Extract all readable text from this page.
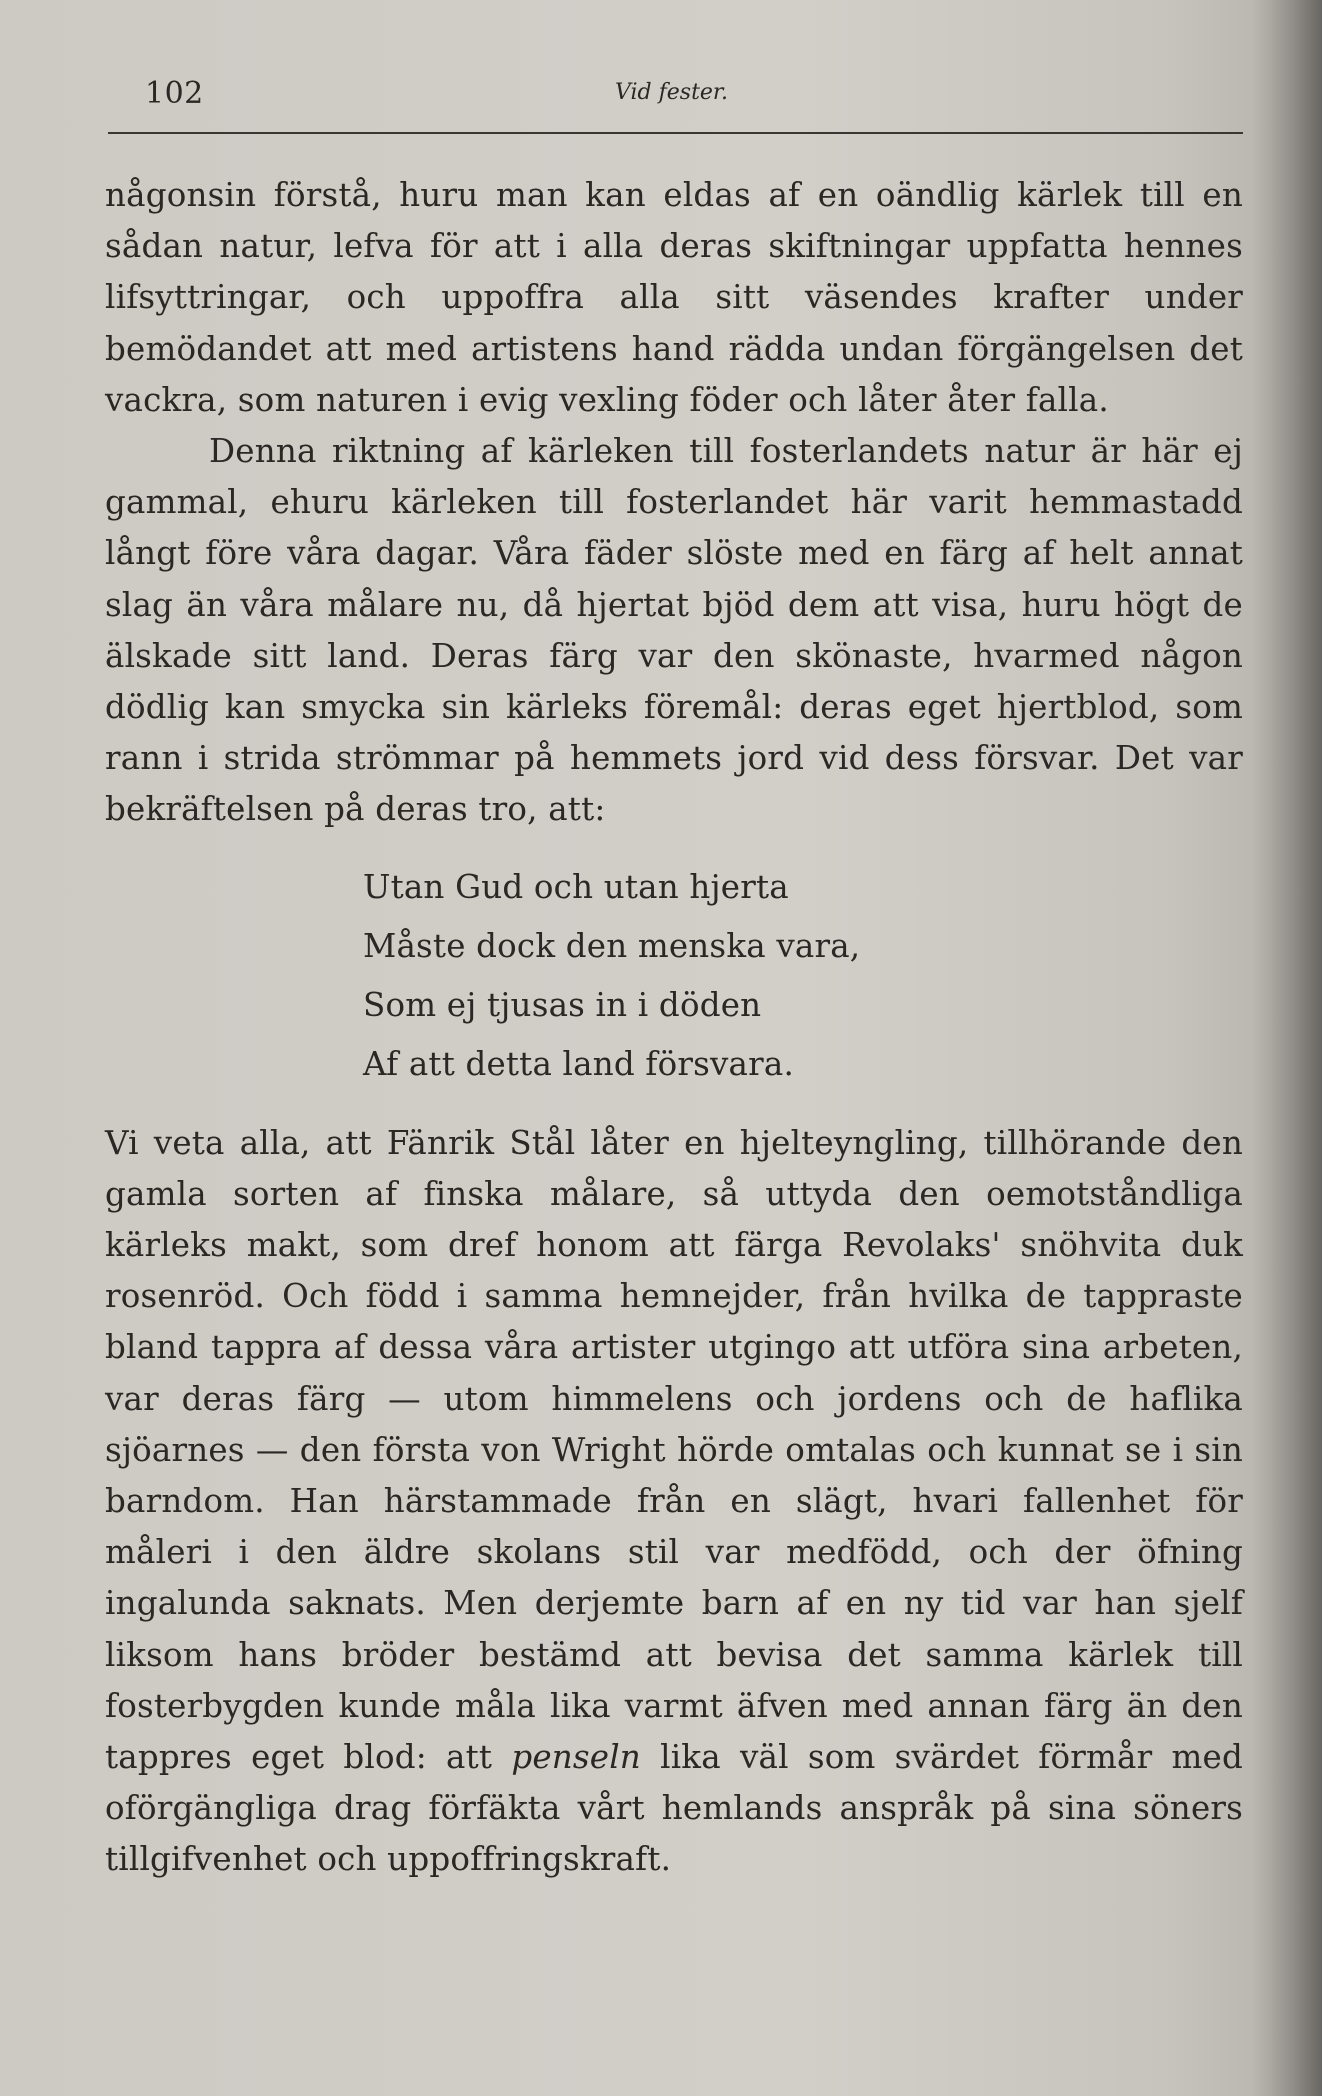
102	Vid fester.

någonsin förstå, huru man kan eldas af en oändlig kärlek till en sådan natur, lefva för att i alla deras skiftningar uppfatta hennes lifsyttringar, och uppoffra alla sitt väsendes krafter under bemödandet att med artistens hand rädda undan förgängelsen det vackra, som naturen i evig vexling föder och låter åter falla.

Denna riktning af kärleken till fosterlandets natur är här ej gammal, ehuru kärleken till fosterlandet här varit hemmastadd långt före våra dagar. Våra fäder slöste med en färg af helt annat slag än våra målare nu, då hjertat bjöd dem att visa, huru högt de älskade sitt land. Deras färg var den skönaste, hvarmed någon dödlig kan smycka sin kärleks föremål: deras eget hjertblod, som rann i strida strömmar på hemmets jord vid dess försvar. Det var bekräftelsen på deras tro, att:

Utan Gud och utan hjerta
Måste dock den menska vara,
Som ej tjusas in i döden
Af att detta land försvara.

Vi veta alla, att Fänrik Stål låter en hjelteyngling, tillhörande den gamla sorten af finska målare, så uttyda den oemotståndliga kärleks makt, som dref honom att färga Revolaks' snöhvita duk rosenröd. Och född i samma hemnejder, från hvilka de tappraste bland tappra af dessa våra artister utgingo att utföra sina arbeten, var deras färg — utom himmelens och jordens och de haflika sjöarnes — den första von Wright hörde omtalas och kunnat se i sin barndom. Han härstammade från en slägt, hvari fallenhet för måleri i den äldre skolans stil var medfödd, och der öfning ingalunda saknats. Men derjemte barn af en ny tid var han sjelf liksom hans bröder bestämd att bevisa det samma kärlek till fosterbygden kunde måla lika varmt äfven med annan färg än den tappres eget blod: att penseln lika väl som svärdet förmår med oförgängliga drag förfäkta vårt hemlands anspråk på sina söners tillgifvenhet och uppoffringskraft.
